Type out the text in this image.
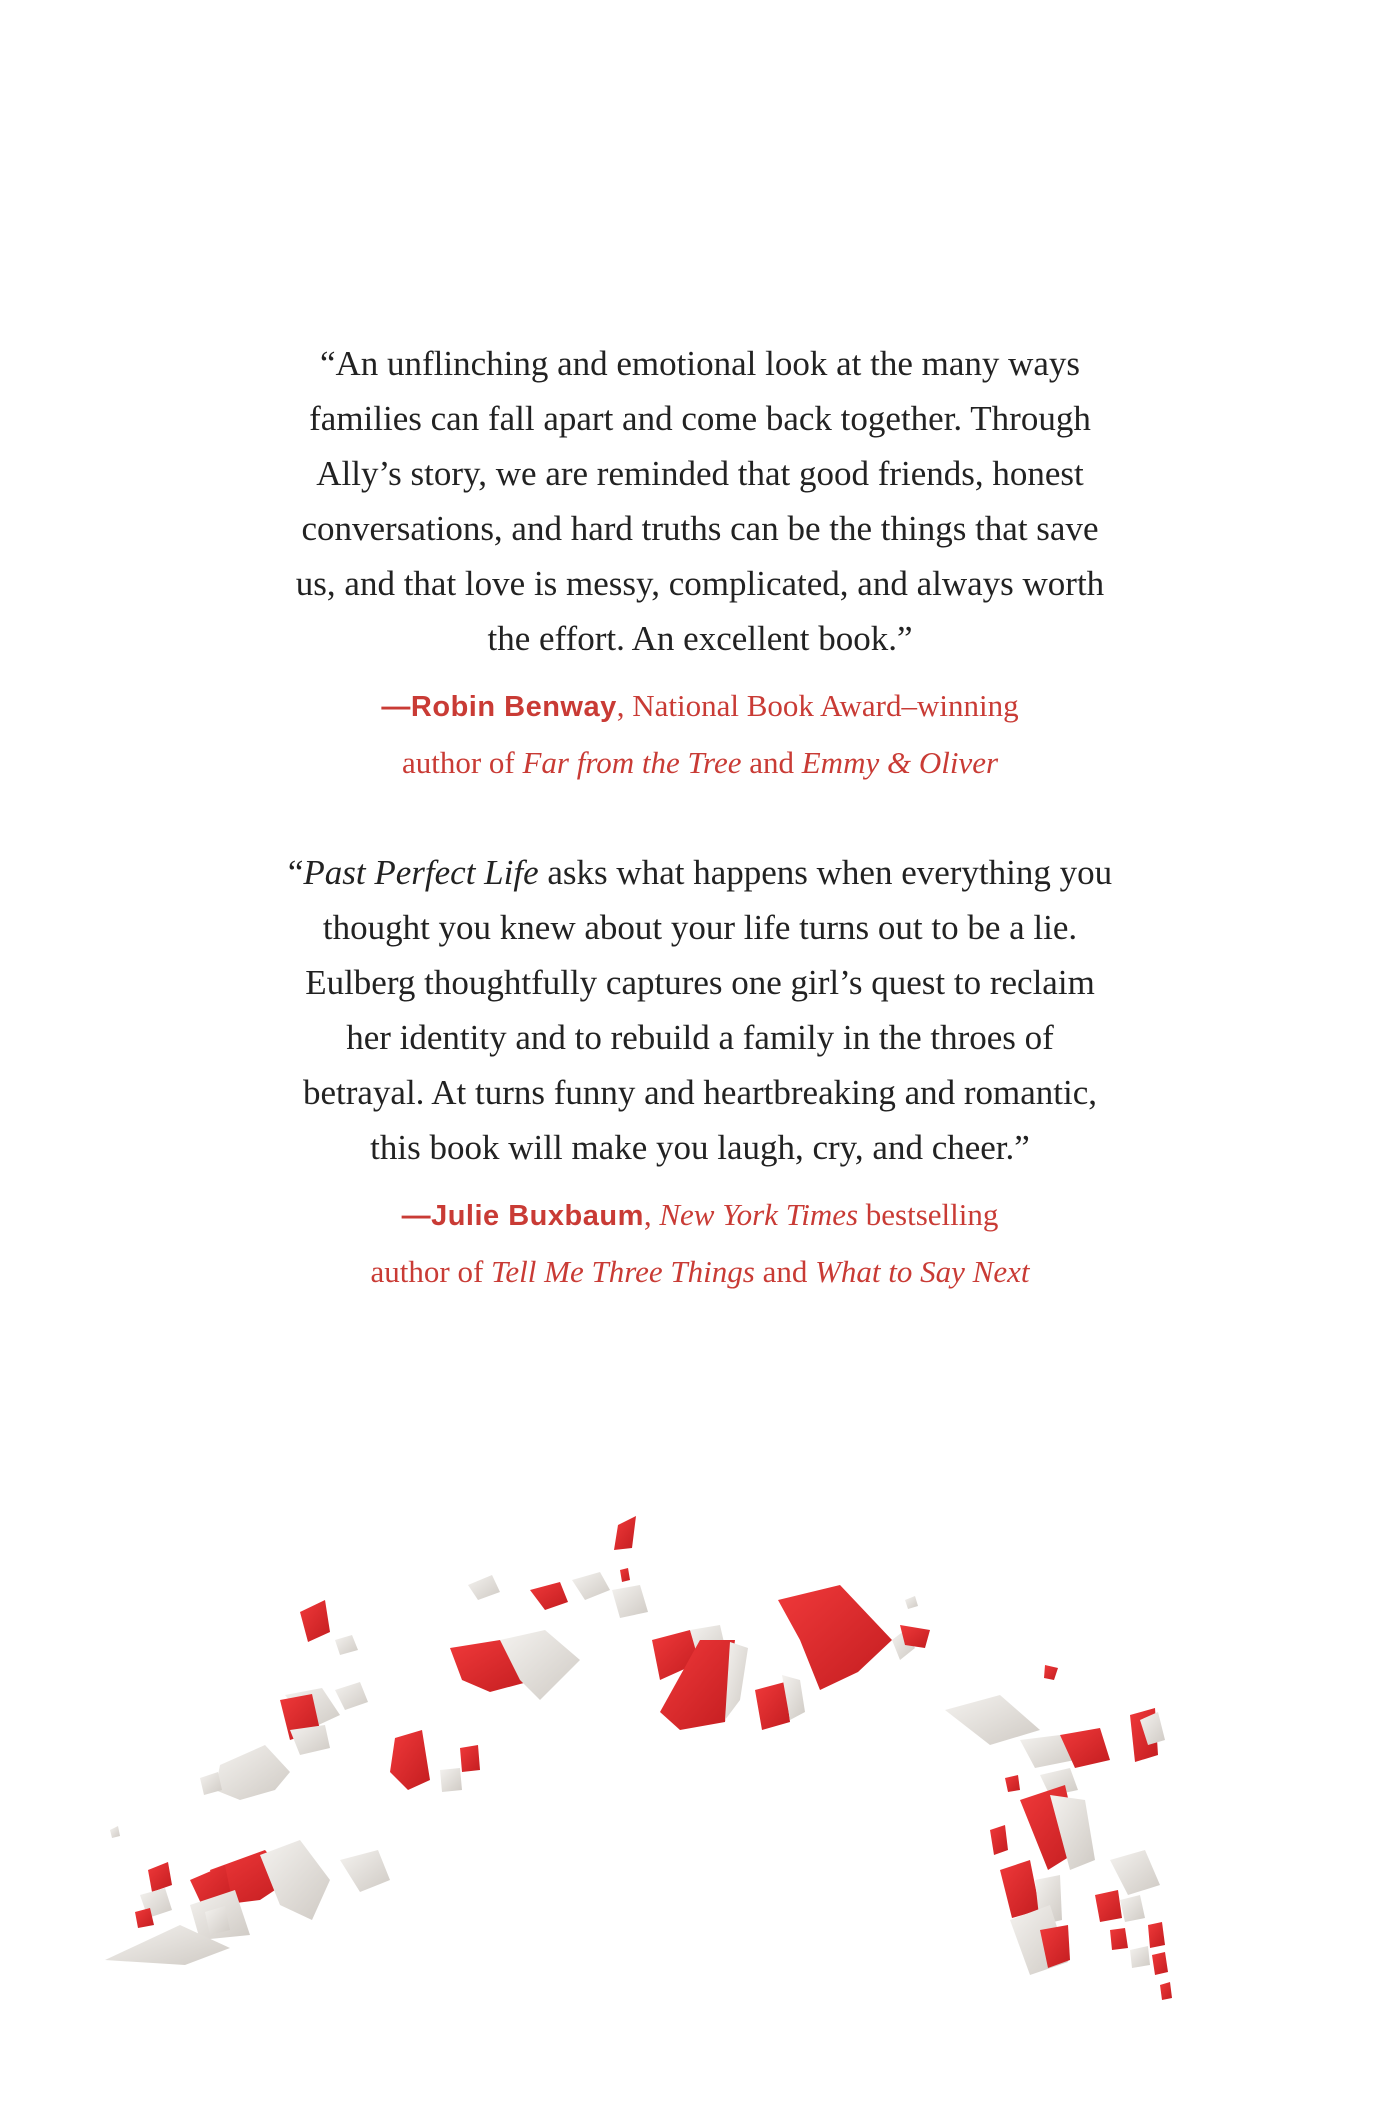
“An unflinching and emotional look at the many ways
families can fall apart and come back together. Through
Ally’s story, we are reminded that good friends, honest
conversations, and hard truths can be the things that save
us, and that love is messy, complicated, and always worth
the effort. An excellent book.”

—Robin Benway, National Book Award–winning
author of Far from the Tree and Emmy & Oliver

“Past Perfect Life asks what happens when everything you
thought you knew about your life turns out to be a lie.
Eulberg thoughtfully captures one girl’s quest to reclaim
her identity and to rebuild a family in the throes of
betrayal. At turns funny and heartbreaking and romantic,
this book will make you laugh, cry, and cheer.”

—Julie Buxbaum, New York Times bestselling
author of Tell Me Three Things and What to Say Next
